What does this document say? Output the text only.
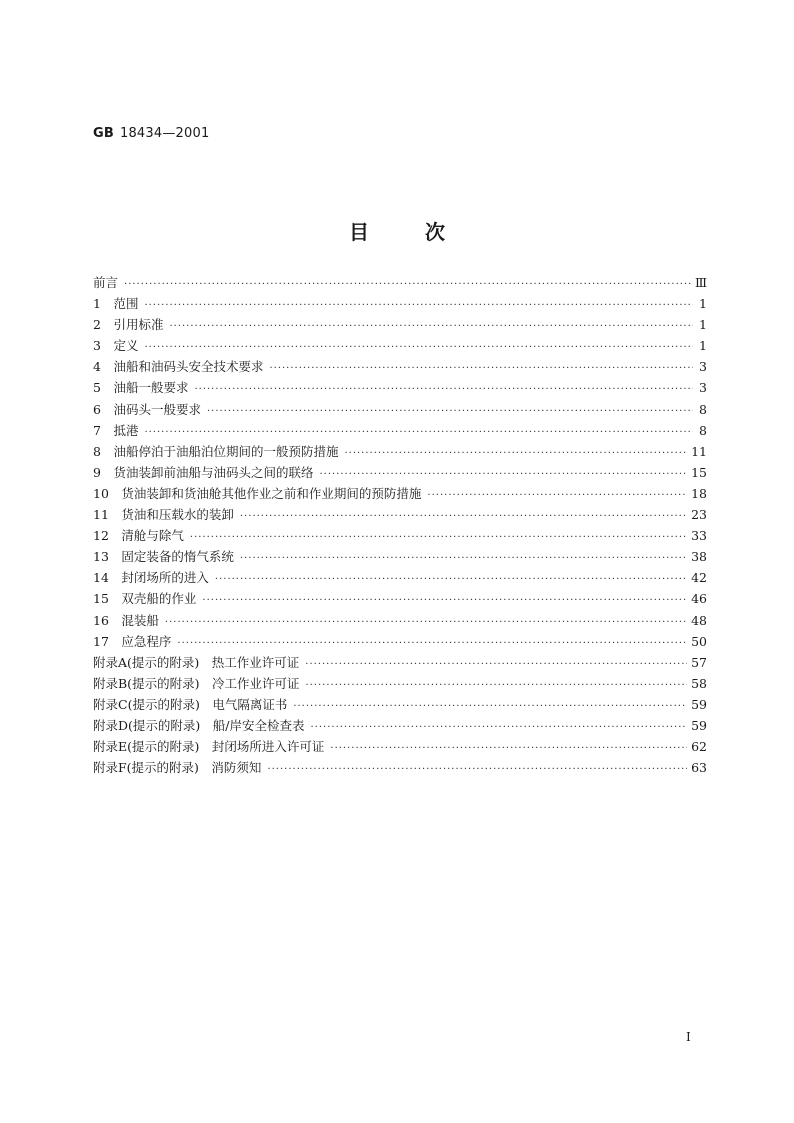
GB 18434—2001
目次
前言 ·····	Ⅲ
1　范围 ·····	1
2　引用标准 ·····	1
3　定义 ·····	1
4　油船和油码头安全技术要求 ·····	3
5　油船一般要求 ·····	3
6　油码头一般要求 ·····	8
7　抵港 ·····	8
8　油船停泊于油船泊位期间的一般预防措施 ·····	11
9　货油装卸前油船与油码头之间的联络 ·····	15
10　货油装卸和货油舱其他作业之前和作业期间的预防措施 ·····	18
11　货油和压载水的装卸 ·····	23
12　清舱与除气 ·····	33
13　固定装备的惰气系统 ·····	38
14　封闭场所的进入 ·····	42
15　双壳船的作业 ·····	46
16　混装船 ·····	48
17　应急程序 ·····	50
附录A(提示的附录)　热工作业许可证 ·····	57
附录B(提示的附录)　冷工作业许可证 ·····	58
附录C(提示的附录)　电气隔离证书 ·····	59
附录D(提示的附录)　船/岸安全检查表 ·····	59
附录E(提示的附录)　封闭场所进入许可证 ·····	62
附录F(提示的附录)　消防须知 ·····	63
I
